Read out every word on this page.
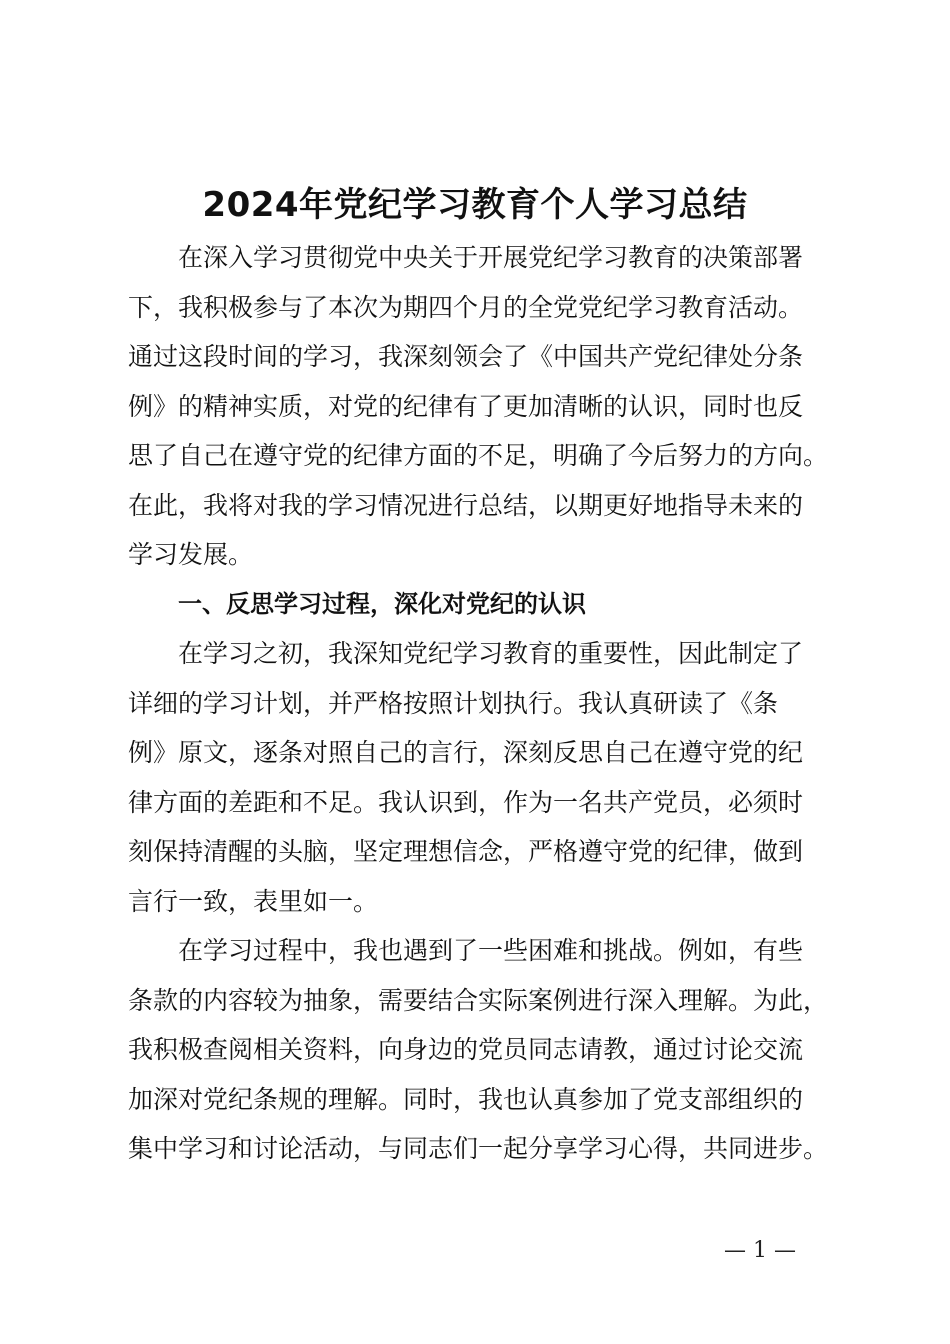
2024年党纪学习教育个人学习总结

在深入学习贯彻党中央关于开展党纪学习教育的决策部署
下，我积极参与了本次为期四个月的全党党纪学习教育活动。
通过这段时间的学习，我深刻领会了《中国共产党纪律处分条
例》的精神实质，对党的纪律有了更加清晰的认识，同时也反
思了自己在遵守党的纪律方面的不足，明确了今后努力的方向。
在此，我将对我的学习情况进行总结，以期更好地指导未来的
学习发展。

一、反思学习过程，深化对党纪的认识

在学习之初，我深知党纪学习教育的重要性，因此制定了
详细的学习计划，并严格按照计划执行。我认真研读了《条
例》原文，逐条对照自己的言行，深刻反思自己在遵守党的纪
律方面的差距和不足。我认识到，作为一名共产党员，必须时
刻保持清醒的头脑，坚定理想信念，严格遵守党的纪律，做到
言行一致，表里如一。

在学习过程中，我也遇到了一些困难和挑战。例如，有些
条款的内容较为抽象，需要结合实际案例进行深入理解。为此，
我积极查阅相关资料，向身边的党员同志请教，通过讨论交流
加深对党纪条规的理解。同时，我也认真参加了党支部组织的
集中学习和讨论活动，与同志们一起分享学习心得，共同进步。

— 1 —
